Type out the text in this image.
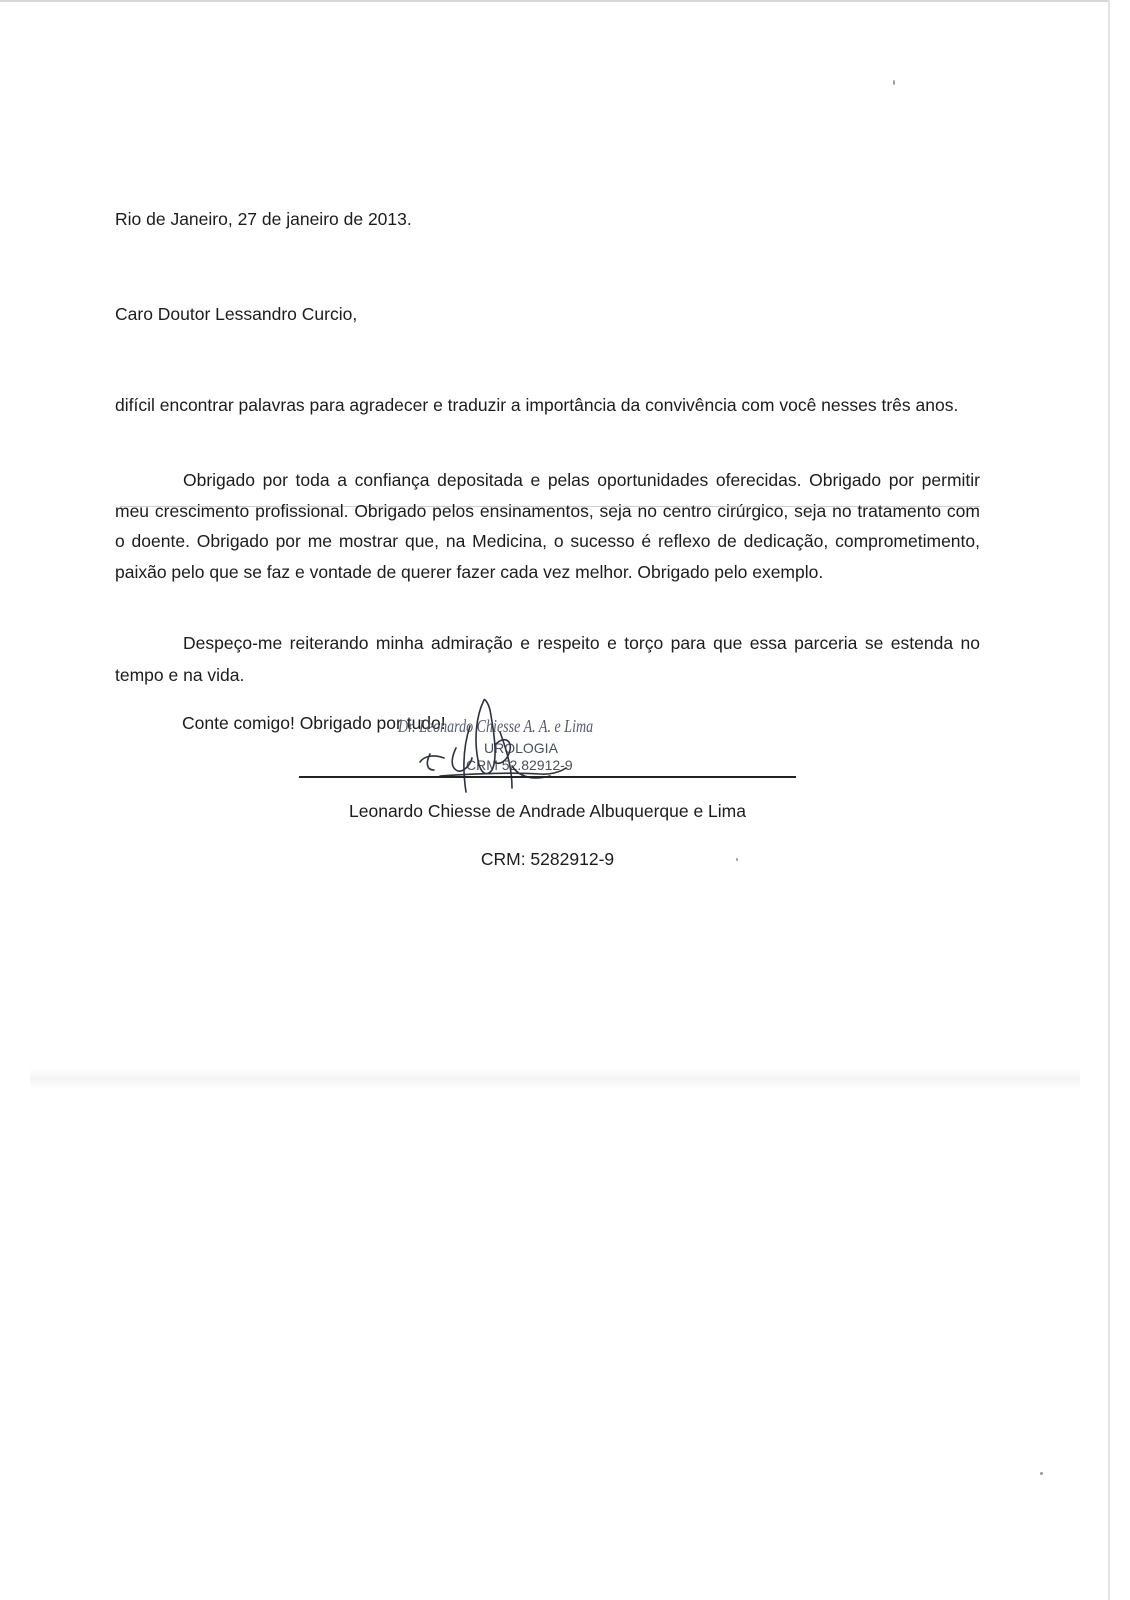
Rio de Janeiro, 27 de janeiro de 2013.
Caro Doutor Lessandro Curcio,
difícil encontrar palavras para agradecer e traduzir a importância da convivência com você nesses três anos.
Obrigado por toda a confiança depositada e pelas oportunidades oferecidas. Obrigado por permitir meu crescimento profissional. Obrigado pelos ensinamentos, seja no centro cirúrgico, seja no tratamento com o doente. Obrigado por me mostrar que, na Medicina, o sucesso é reflexo de dedicação, comprometimento, paixão pelo que se faz e vontade de querer fazer cada vez melhor. Obrigado pelo exemplo.
Despeço-me reiterando minha admiração e respeito e torço para que essa parceria se estenda no tempo e na vida.
Conte comigo! Obrigado por tudo!
Dr. Leonardo Chiesse A. A. e Lima
UROLOGIA
CRM 52.82912-9
Leonardo Chiesse de Andrade Albuquerque e Lima
CRM: 5282912-9
